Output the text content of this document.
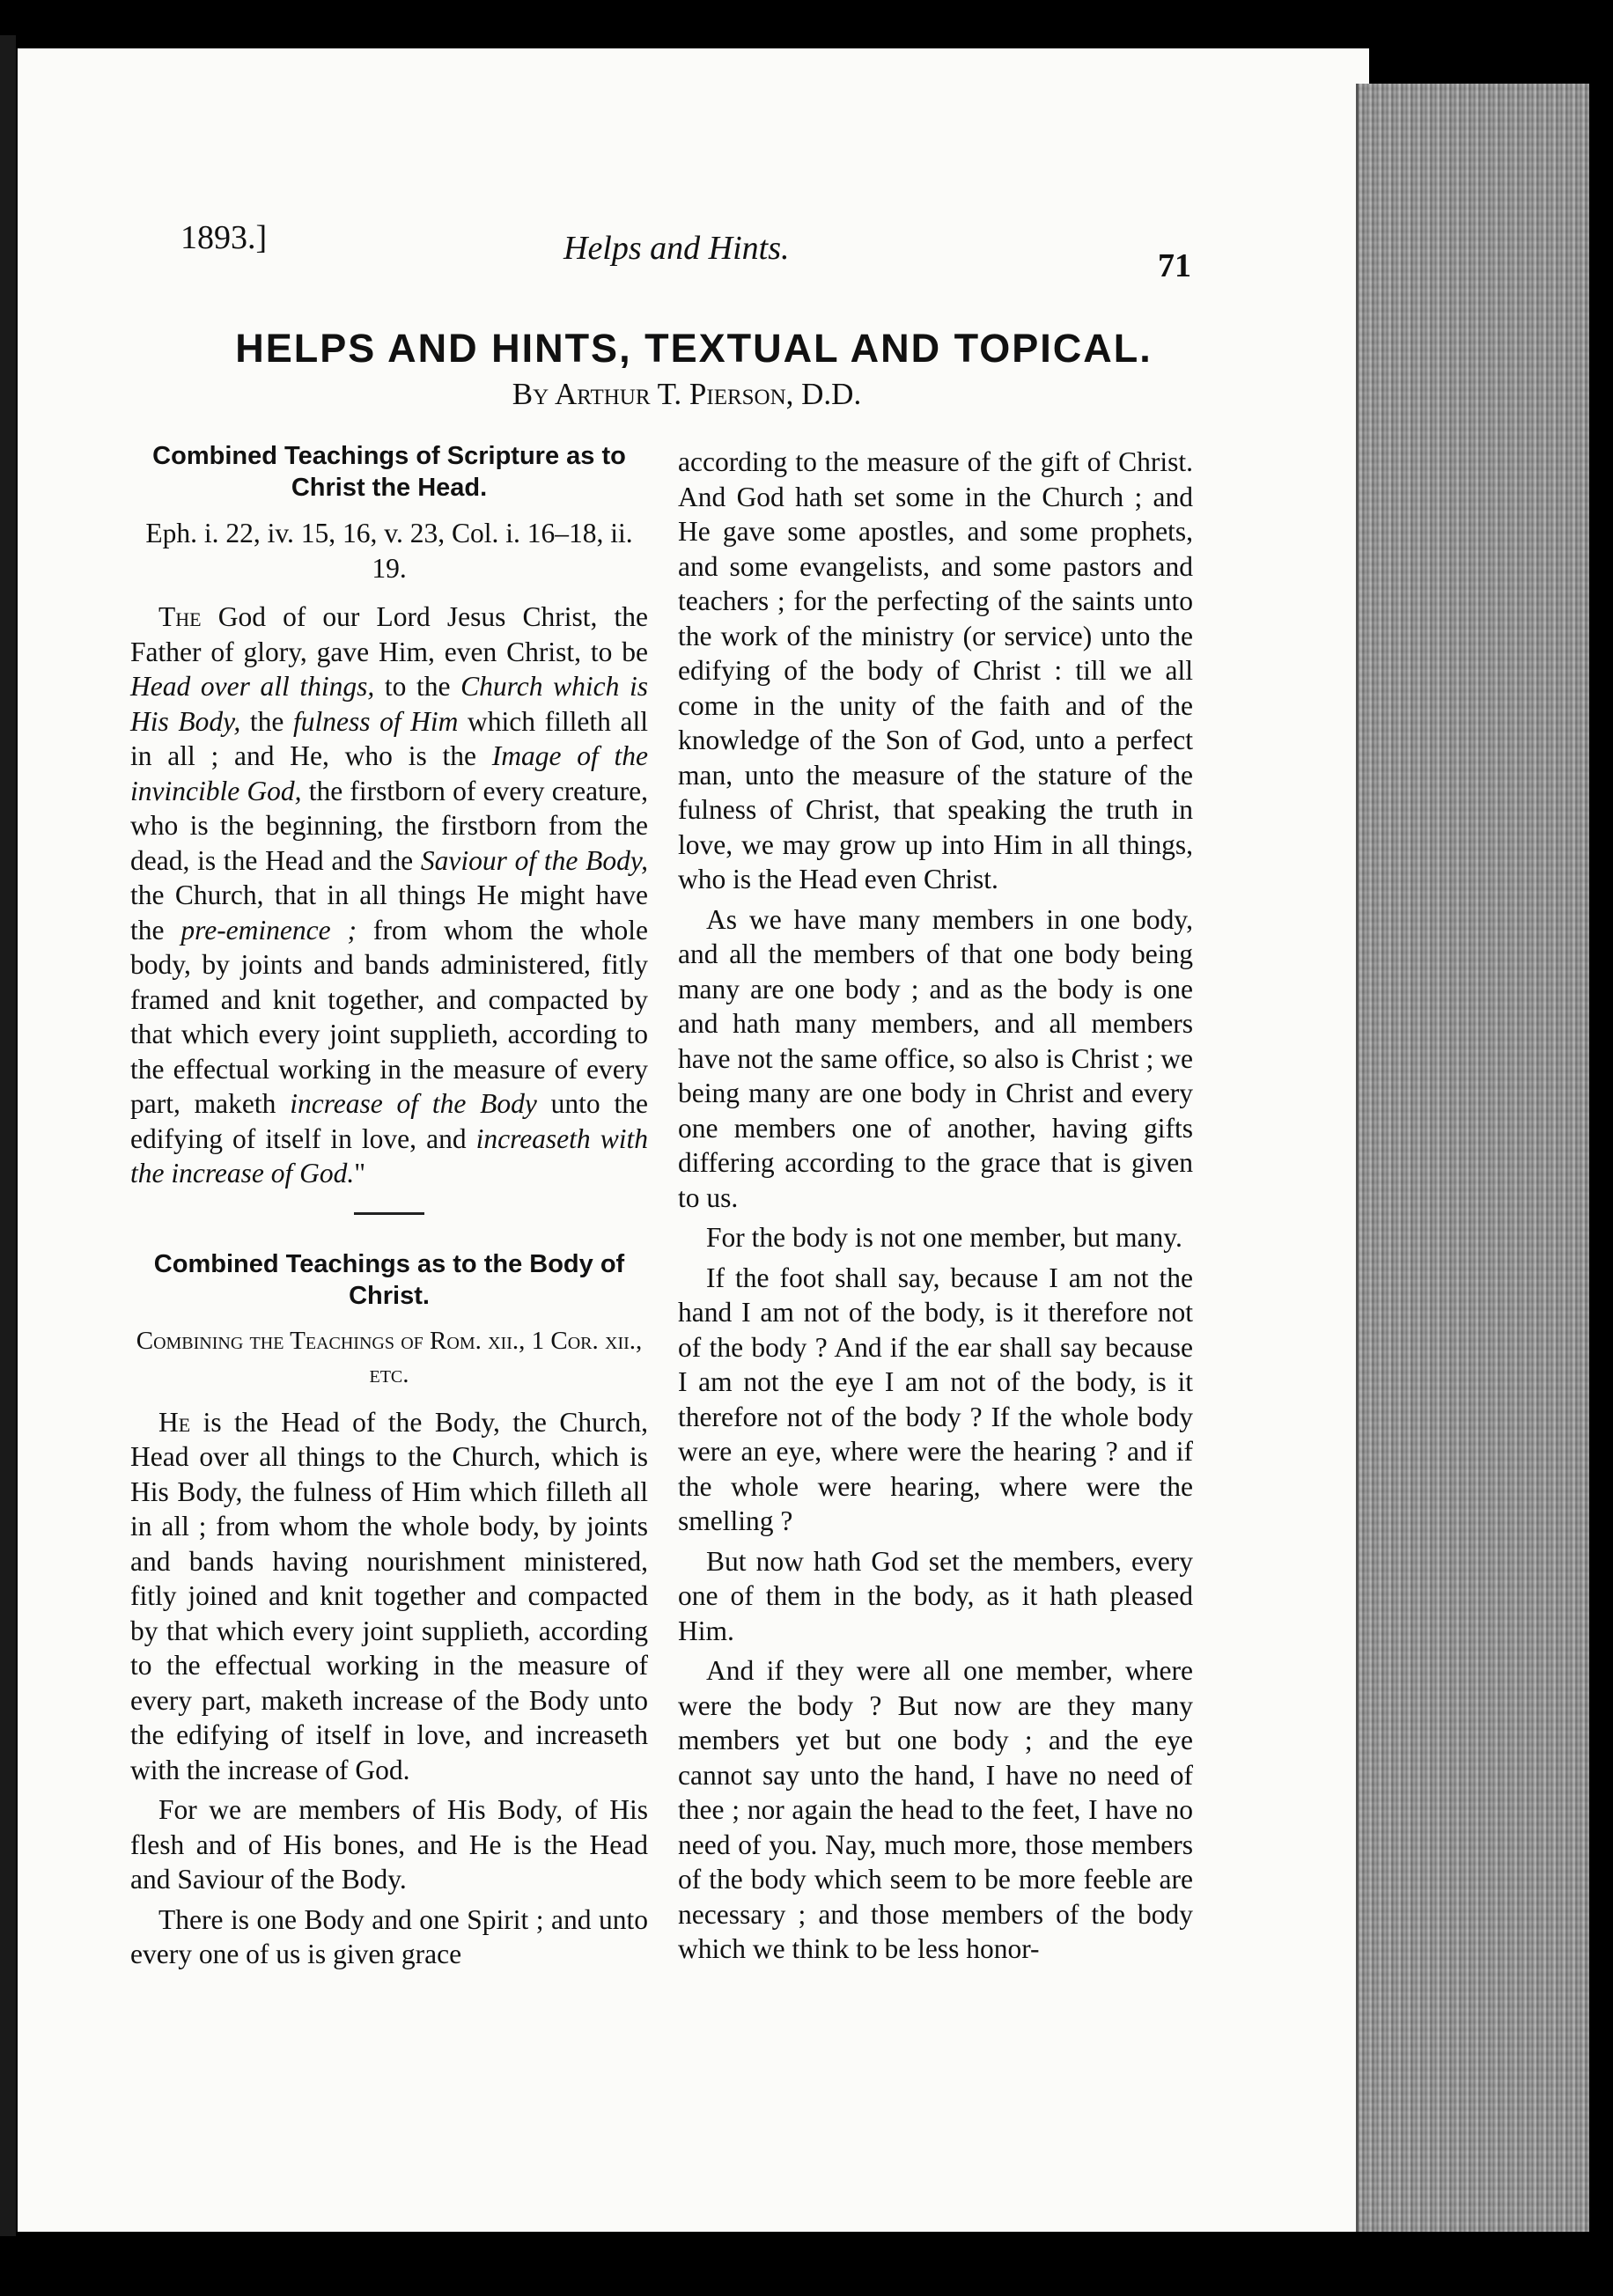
1893.]	Helps and Hints.	71
HELPS AND HINTS, TEXTUAL AND TOPICAL.
By Arthur T. Pierson, D.D.
Combined Teachings of Scripture as to Christ the Head.
Eph. i. 22, iv. 15, 16, v. 23, Col. i. 16–18, ii. 19.

The God of our Lord Jesus Christ, the Father of glory, gave Him, even Christ, to be Head over all things, to the Church which is His Body, the fulness of Him which filleth all in all ; and He, who is the Image of the invincible God, the firstborn of every creature, who is the beginning, the firstborn from the dead, is the Head and the Saviour of the Body, the Church, that in all things He might have the pre-eminence ; from whom the whole body, by joints and bands administered, fitly framed and knit together, and compacted by that which every joint supplieth, according to the effectual working in the measure of every part, maketh increase of the Body unto the edifying of itself in love, and increaseth with the increase of God."

Combined Teachings as to the Body of Christ.
Combining the Teachings of Rom. xii., 1 Cor. xii., etc.

He is the Head of the Body, the Church, Head over all things to the Church, which is His Body, the fulness of Him which filleth all in all ; from whom the whole body, by joints and bands having nourishment ministered, fitly joined and knit together and compacted by that which every joint supplieth, according to the effectual working in the measure of every part, maketh increase of the Body unto the edifying of itself in love, and increaseth with the increase of God.

For we are members of His Body, of His flesh and of His bones, and He is the Head and Saviour of the Body.

There is one Body and one Spirit ; and unto every one of us is given grace

according to the measure of the gift of Christ. And God hath set some in the Church ; and He gave some apostles, and some prophets, and some evangelists, and some pastors and teachers ; for the perfecting of the saints unto the work of the ministry (or service) unto the edifying of the body of Christ : till we all come in the unity of the faith and of the knowledge of the Son of God, unto a perfect man, unto the measure of the stature of the fulness of Christ, that speaking the truth in love, we may grow up into Him in all things, who is the Head even Christ.

As we have many members in one body, and all the members of that one body being many are one body ; and as the body is one and hath many members, and all members have not the same office, so also is Christ ; we being many are one body in Christ and every one members one of another, having gifts differing according to the grace that is given to us.

For the body is not one member, but many.

If the foot shall say, because I am not the hand I am not of the body, is it therefore not of the body ? And if the ear shall say because I am not the eye I am not of the body, is it therefore not of the body ? If the whole body were an eye, where were the hearing ? and if the whole were hearing, where were the smelling ?

But now hath God set the members, every one of them in the body, as it hath pleased Him.

And if they were all one member, where were the body ? But now are they many members yet but one body ; and the eye cannot say unto the hand, I have no need of thee ; nor again the head to the feet, I have no need of you. Nay, much more, those members of the body which seem to be more feeble are necessary ; and those members of the body which we think to be less honor-
